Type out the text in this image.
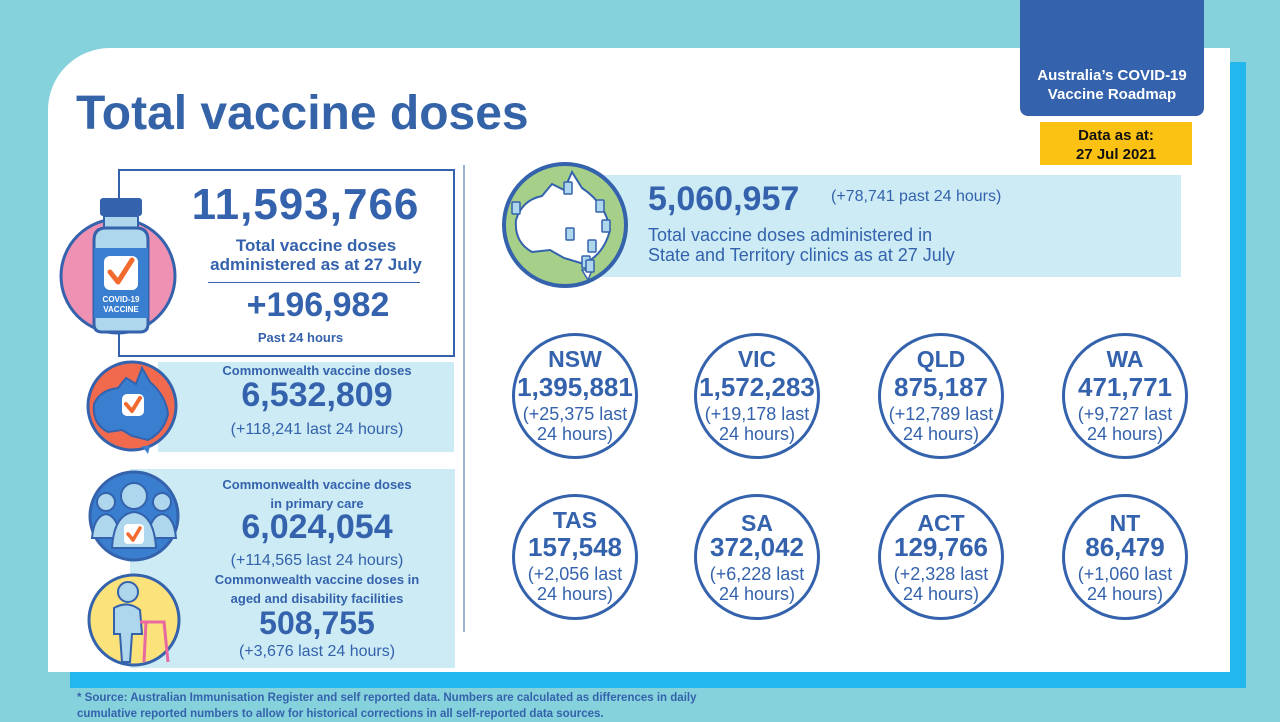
Total vaccine doses
Australia’s COVID-19
Vaccine Roadmap
Data as at:
27 Jul 2021
COVID-19
VACCINE
11,593,766
Total vaccine doses
administered as at 27 July
+196,982
Past 24 hours
Commonwealth vaccine doses
6,532,809
(+118,241 last 24 hours)
Commonwealth vaccine doses
in primary care
6,024,054
(+114,565 last 24 hours)
Commonwealth vaccine doses in
aged and disability facilities
508,755
(+3,676 last 24 hours)
5,060,957 (+78,741 past 24 hours)
Total vaccine doses administered in
State and Territory clinics as at 27 July
NSW
1,395,881
(+25,375 last
24 hours)
VIC
1,572,283
(+19,178 last
24 hours)
QLD
875,187
(+12,789 last
24 hours)
WA
471,771
(+9,727 last
24 hours)
TAS
157,548
(+2,056 last
24 hours)
SA
372,042
(+6,228 last
24 hours)
ACT
129,766
(+2,328 last
24 hours)
NT
86,479
(+1,060 last
24 hours)
* Source: Australian Immunisation Register and self reported data. Numbers are calculated as differences in daily
cumulative reported numbers to allow for historical corrections in all self-reported data sources.
